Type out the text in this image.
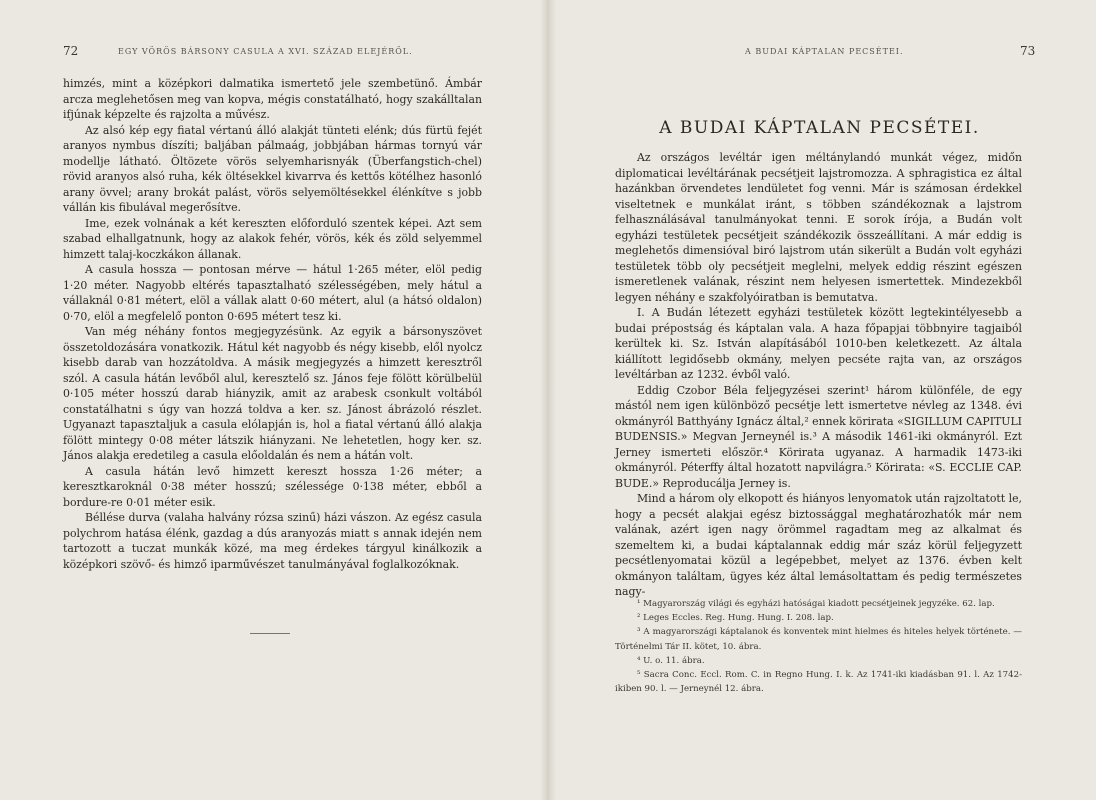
72	EGY VÖRÖS BÁRSONY CASULA A XVI. SZÁZAD ELEJÉRŐL.

himzés, mint a középkori dalmatika ismertető jele szembetünő. Ámbár arcza meglehetősen meg van kopva, mégis constatálható, hogy szakálltalan ifjúnak képzelte és rajzolta a művész.

Az alsó kép egy fiatal vértanú álló alakját tünteti elénk; dús fürtü fejét aranyos nymbus díszíti; baljában pálmaág, jobbjában hármas tornyú vár modellje látható. Öltözete vörös selyemharisnyák (Überfangstich-chel) rövid aranyos alsó ruha, kék öltésekkel kivarrva és kettős kötélhez hasonló arany övvel; arany brokát palást, vörös selyemöltésekkel élénkítve s jobb vállán kis fibulával megerősítve.

Ime, ezek volnának a két kereszten előforduló szentek képei. Azt sem szabad elhallgatnunk, hogy az alakok fehér, vörös, kék és zöld selyemmel himzett talaj-koczkákon állanak.

A casula hossza — pontosan mérve — hátul 1·265 méter, elöl pedig 1·20 méter. Nagyobb eltérés tapasztalható szélességében, mely hátul a vállaknál 0·81 métert, elöl a vállak alatt 0·60 métert, alul (a hátsó oldalon) 0·70, elöl a megfelelő ponton 0·695 métert tesz ki.

Van még néhány fontos megjegyzésünk. Az egyik a bársonyszövet összetoldozására vonatkozik. Hátul két nagyobb és négy kisebb, elől nyolcz kisebb darab van hozzátoldva. A másik megjegyzés a himzett keresztről szól. A casula hátán levőből alul, keresztelő sz. János feje fölött körülbelül 0·105 méter hosszú darab hiányzik, amit az arabesk csonkult voltából constatálhatni s úgy van hozzá toldva a ker. sz. Jánost ábrázoló részlet. Ugyanazt tapasztaljuk a casula elólapján is, hol a fiatal vértanú álló alakja fölött mintegy 0·08 méter látszik hiányzani. Ne lehetetlen, hogy ker. sz. János alakja eredetileg a casula előoldalán és nem a hátán volt.

A casula hátán levő himzett kereszt hossza 1·26 méter; a keresztkaroknál 0·38 méter hosszú; szélessége 0·138 méter, ebből a bordure-re 0·01 méter esik.

Béllése durva (valaha halvány rózsa szinű) házi vászon. Az egész casula polychrom hatása élénk, gazdag a dús aranyozás miatt s annak idején nem tartozott a tuczat munkák közé, ma meg érdekes tárgyul kinálkozik a középkori szövő- és himző iparművészet tanulmányával foglalkozóknak.

A BUDAI KÁPTALAN PECSÉTEI.	73
A BUDAI KÁPTALAN PECSÉTEI.

Az országos levéltár igen méltánylandó munkát végez, midőn diplomaticai levéltárának pecsétjeit lajstromozza. A sphragistica ez által hazánkban örvendetes lendületet fog venni. Már is számosan érdekkel viseltetnek e munkálat iránt, s többen szándékoznak a lajstrom felhasználásával tanulmányokat tenni. E sorok írója, a Budán volt egyházi testületek pecsétjeit szándékozik összeállítani. A már eddig is meglehetős dimensióval biró lajstrom után sikerült a Budán volt egyházi testületek több oly pecsétjeit meglelni, melyek eddig részint egészen ismeretlenek valának, részint nem helyesen ismertettek. Mindezekből legyen néhány e szakfolyóiratban is bemutatva.

I. A Budán létezett egyházi testületek között legtekintélyesebb a budai prépostság és káptalan vala. A haza főpapjai többnyire tagjaiból kerültek ki. Sz. István alapításából 1010-ben keletkezett. Az általa kiállított legidősebb okmány, melyen pecséte rajta van, az országos levéltárban az 1232. évből való.

Eddig Czobor Béla feljegyzései szerint¹ három különféle, de egy mástól nem igen különböző pecsétje lett ismertetve névleg az 1348. évi okmányról Batthyány Ignácz által,² ennek körirata «SIGILLUM CAPITULI BUDENSIS.» Megvan Jerneynél is.³ A második 1461-iki okmányról. Ezt Jerney ismerteti először.⁴ Körirata ugyanaz. A harmadik 1473-iki okmányról. Péterffy által hozatott napvilágra.⁵ Körirata: «S. ECCLIE CAP. BUDE.» Reproducálja Jerney is.

Mind a három oly elkopott és hiányos lenyomatok után rajzoltatott le, hogy a pecsét alakjai egész biztossággal meghatározhatók már nem valának, azért igen nagy örömmel ragadtam meg az alkalmat és szemeltem ki, a budai káptalannak eddig már száz körül feljegyzett pecsétlenyomatai közül a legépebbet, melyet az 1376. évben kelt okmányon találtam, ügyes kéz által lemásoltattam és pedig természetes nagy-

¹ Magyarország világi és egyházi hatóságai kiadott pecsétjeinek jegyzéke. 62. lap.

² Leges Eccles. Reg. Hung. Hung. I. 208. lap.

³ A magyarországi káptalanok és konventek mint hielmes és hiteles helyek története. — Történelmi Tár II. kötet, 10. ábra.

⁴ U. o. 11. ábra.

⁵ Sacra Conc. Eccl. Rom. C. in Regno Hung. I. k. Az 1741-iki kiadásban 91. l. Az 1742-ikiben 90. l. — Jerneynél 12. ábra.
